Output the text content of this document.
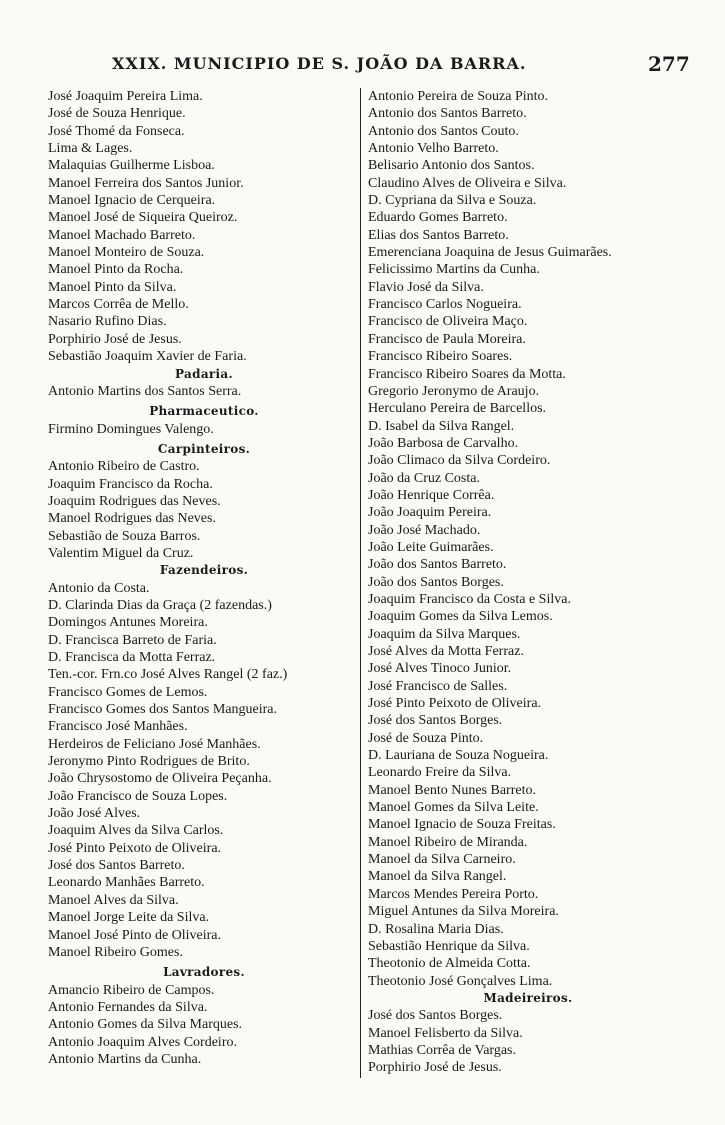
XXIX. MUNICIPIO DE S. JOÃO DA BARRA.	277
José Joaquim Pereira Lima.
José de Souza Henrique.
José Thomé da Fonseca.
Lima & Lages.
Malaquias Guilherme Lisboa.
Manoel Ferreira dos Santos Junior.
Manoel Ignacio de Cerqueira.
Manoel José de Siqueira Queiroz.
Manoel Machado Barreto.
Manoel Monteiro de Souza.
Manoel Pinto da Rocha.
Manoel Pinto da Silva.
Marcos Corrêa de Mello.
Nasario Rufino Dias.
Porphirio José de Jesus.
Sebastião Joaquim Xavier de Faria.
Padaria.
Antonio Martins dos Santos Serra.
Pharmaceutico.
Firmino Domingues Valengo.
Carpinteiros.
Antonio Ribeiro de Castro.
Joaquim Francisco da Rocha.
Joaquim Rodrigues das Neves.
Manoel Rodrigues das Neves.
Sebastião de Souza Barros.
Valentim Miguel da Cruz.
Fazendeiros.
Antonio da Costa.
D. Clarinda Dias da Graça (2 fazendas.)
Domingos Antunes Moreira.
D. Francisca Barreto de Faria.
D. Francisca da Motta Ferraz.
Ten.-cor. Frn.co José Alves Rangel (2 faz.)
Francisco Gomes de Lemos.
Francisco Gomes dos Santos Mangueira.
Francisco José Manhães.
Herdeiros de Feliciano José Manhães.
Jeronymo Pinto Rodrigues de Brito.
João Chrysostomo de Oliveira Peçanha.
João Francisco de Souza Lopes.
João José Alves.
Joaquim Alves da Silva Carlos.
José Pinto Peixoto de Oliveira.
José dos Santos Barreto.
Leonardo Manhães Barreto.
Manoel Alves da Silva.
Manoel Jorge Leite da Silva.
Manoel José Pinto de Oliveira.
Manoel Ribeiro Gomes.
Lavradores.
Amancio Ribeiro de Campos.
Antonio Fernandes da Silva.
Antonio Gomes da Silva Marques.
Antonio Joaquim Alves Cordeiro.
Antonio Martins da Cunha.
Antonio Pereira de Souza Pinto.
Antonio dos Santos Barreto.
Antonio dos Santos Couto.
Antonio Velho Barreto.
Belisario Antonio dos Santos.
Claudino Alves de Oliveira e Silva.
D. Cypriana da Silva e Souza.
Eduardo Gomes Barreto.
Elias dos Santos Barreto.
Emerenciana Joaquina de Jesus Guimarães.
Felicissimo Martins da Cunha.
Flavio José da Silva.
Francisco Carlos Nogueira.
Francisco de Oliveira Maço.
Francisco de Paula Moreira.
Francisco Ribeiro Soares.
Francisco Ribeiro Soares da Motta.
Gregorio Jeronymo de Araujo.
Herculano Pereira de Barcellos.
D. Isabel da Silva Rangel.
João Barbosa de Carvalho.
João Climaco da Silva Cordeiro.
João da Cruz Costa.
João Henrique Corrêa.
João Joaquim Pereira.
João José Machado.
João Leite Guimarães.
João dos Santos Barreto.
João dos Santos Borges.
Joaquim Francisco da Costa e Silva.
Joaquim Gomes da Silva Lemos.
Joaquim da Silva Marques.
José Alves da Motta Ferraz.
José Alves Tinoco Junior.
José Francisco de Salles.
José Pinto Peixoto de Oliveira.
José dos Santos Borges.
José de Souza Pinto.
D. Lauriana de Souza Nogueira.
Leonardo Freire da Silva.
Manoel Bento Nunes Barreto.
Manoel Gomes da Silva Leite.
Manoel Ignacio de Souza Freitas.
Manoel Ribeiro de Miranda.
Manoel da Silva Carneiro.
Manoel da Silva Rangel.
Marcos Mendes Pereira Porto.
Miguel Antunes da Silva Moreira.
D. Rosalina Maria Dias.
Sebastião Henrique da Silva.
Theotonio de Almeida Cotta.
Theotonio José Gonçalves Lima.
Madeireiros.
José dos Santos Borges.
Manoel Felisberto da Silva.
Mathias Corrêa de Vargas.
Porphirio José de Jesus.
